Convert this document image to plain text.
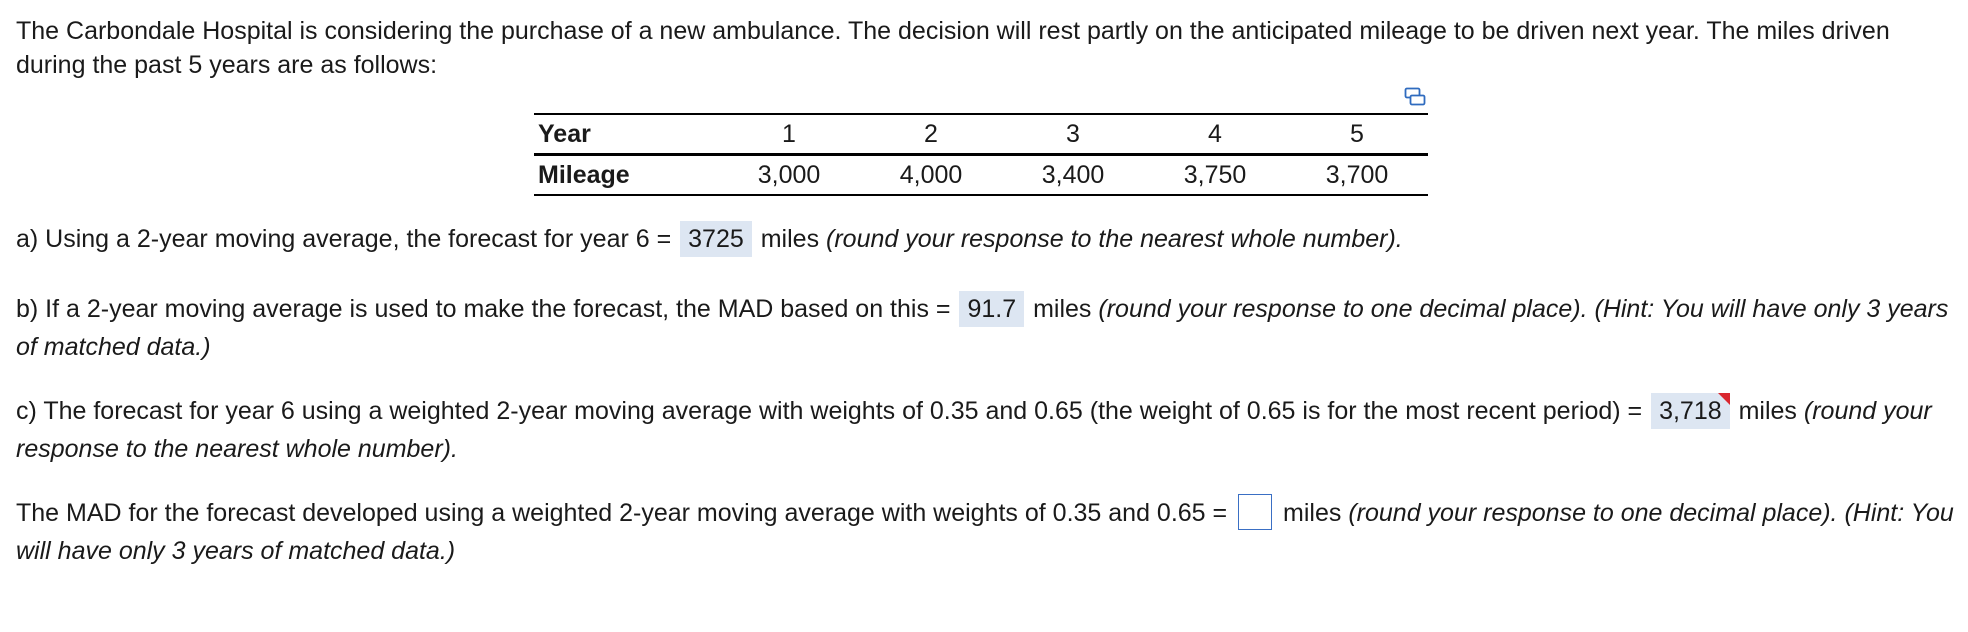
The Carbondale Hospital is considering the purchase of a new ambulance. The decision will rest partly on the anticipated mileage to be driven next year. The miles driven during the past 5 years are as follows:

Year	1	2	3	4	5
Mileage	3,000	4,000	3,400	3,750	3,700

a) Using a 2-year moving average, the forecast for year 6 = 3725 miles (round your response to the nearest whole number).

b) If a 2-year moving average is used to make the forecast, the MAD based on this = 91.7 miles (round your response to one decimal place). (Hint: You will have only 3 years of matched data.)

c) The forecast for year 6 using a weighted 2-year moving average with weights of 0.35 and 0.65 (the weight of 0.65 is for the most recent period) = 3,718 miles (round your response to the nearest whole number).

The MAD for the forecast developed using a weighted 2-year moving average with weights of 0.35 and 0.65 = miles (round your response to one decimal place). (Hint: You will have only 3 years of matched data.)
